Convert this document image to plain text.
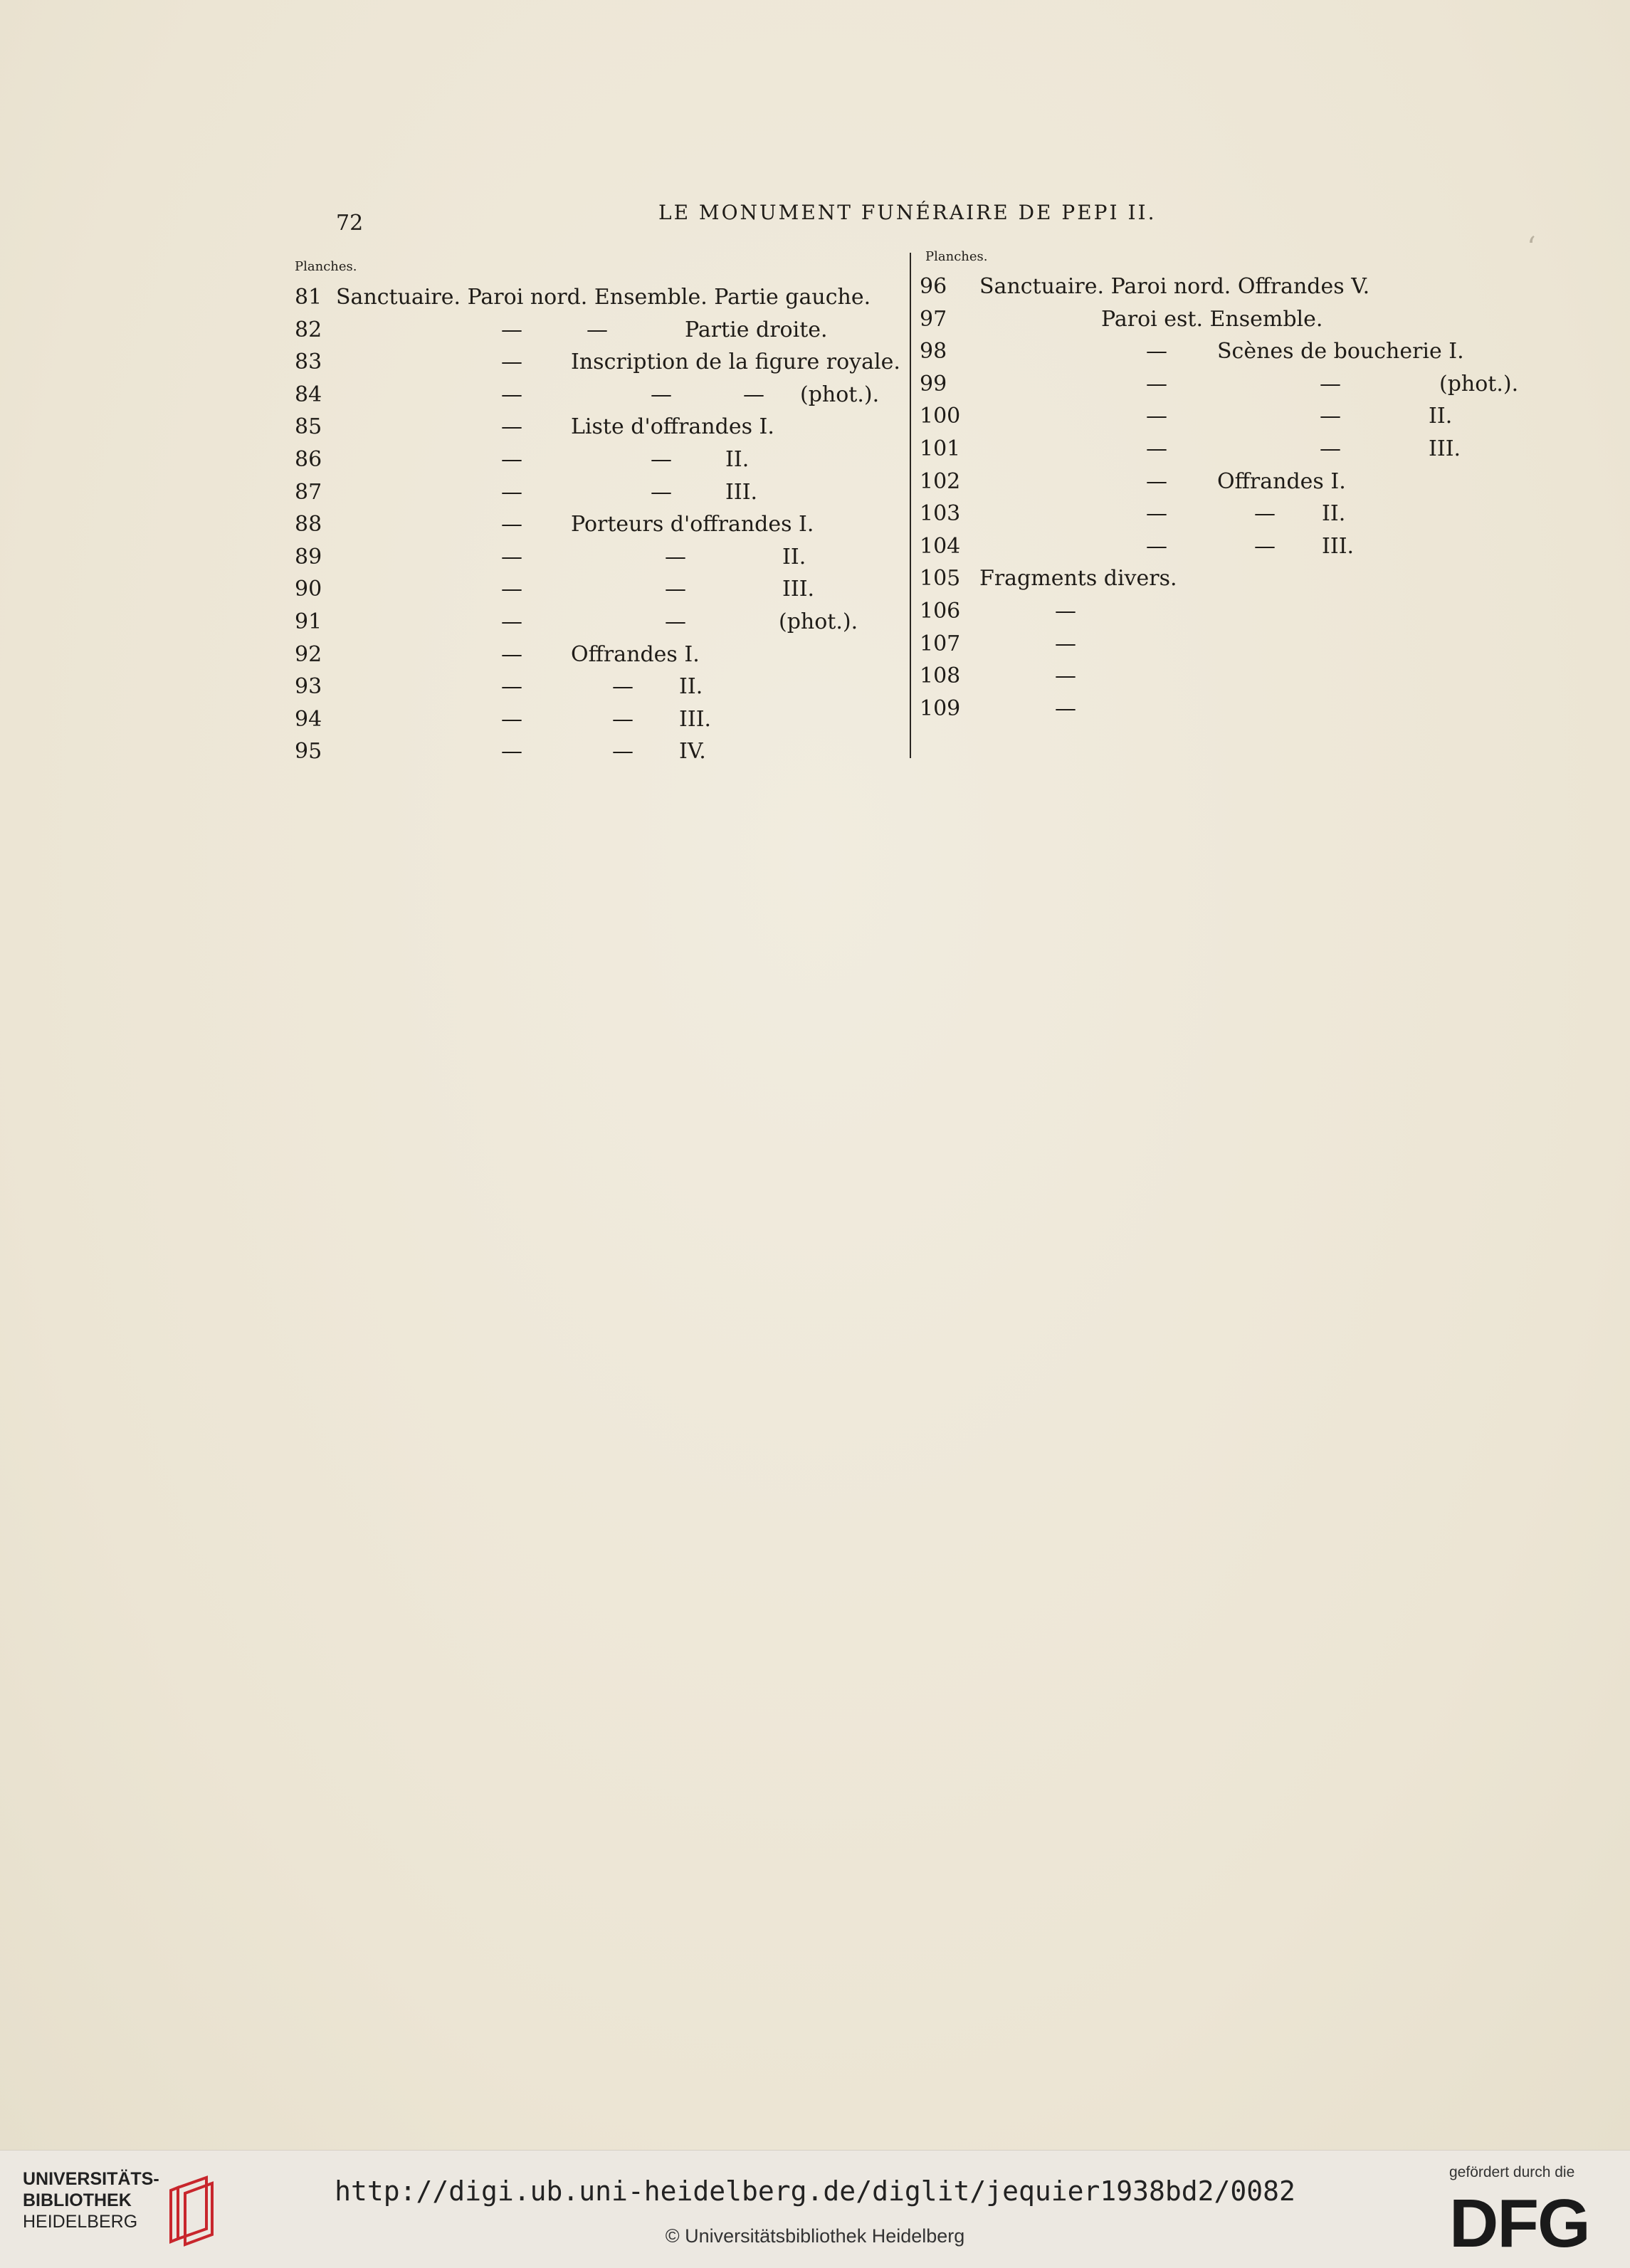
72	LE MONUMENT FUNÉRAIRE DE PEPI II.
Planches.
Planches.
81 Sanctuaire. Paroi nord. Ensemble. Partie gauche.
82	—	—	Partie droite.
83	— Inscription de la figure royale.
84	—	—	— (phot.).
85	— Liste d'offrandes I.
86	—	—	II.
87	—	—	III.
88	— Porteurs d'offrandes I.
89	—	—	II.
90	—	—	III.
91	—	—	(phot.).
92	— Offrandes I.
93	—	— II.
94	—	— III.
95	—	— IV.
96 Sanctuaire. Paroi nord. Offrandes V.
97	Paroi est. Ensemble.
98	— Scènes de boucherie I.
99	—	—	(phot.).
100	—	—	II.
101	—	—	III.
102	— Offrandes I.
103	—	— II.
104	—	— III.
105 Fragments divers.
106	—
107	—
108	—
109	—
ʻ
UNIVERSITÄTS-
BIBLIOTHEK
HEIDELBERG
http://digi.ub.uni-heidelberg.de/diglit/jequier1938bd2/0082
© Universitätsbibliothek Heidelberg
gefördert durch die
DFG
